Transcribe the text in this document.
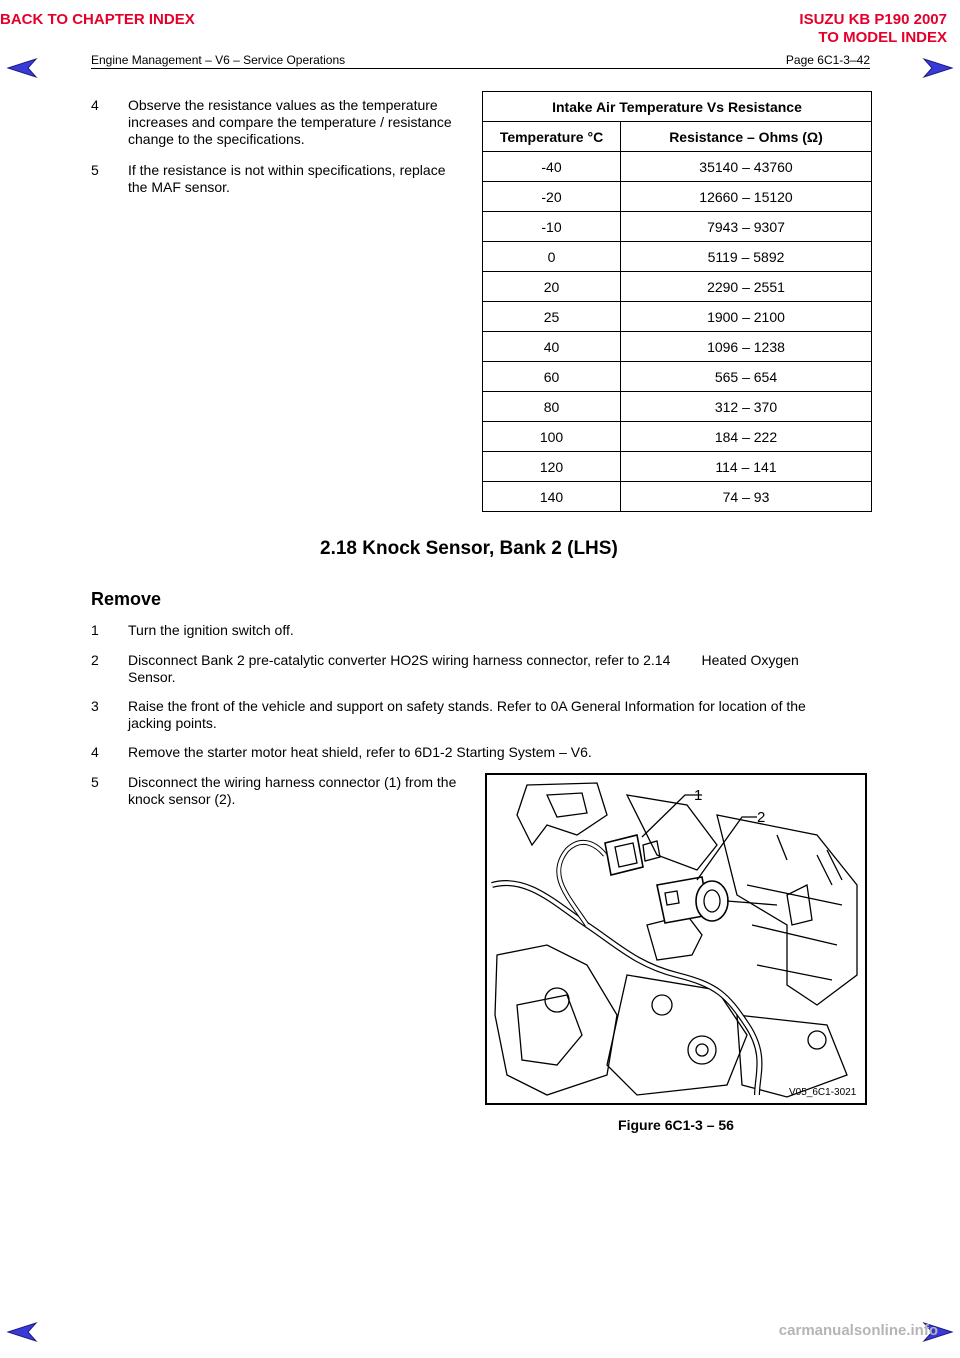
BACK TO CHAPTER INDEX	ISUZU KB P190 2007
TO MODEL INDEX
Engine Management – V6 – Service Operations	Page 6C1-3–42
4	Observe the resistance values as the temperature increases and compare the temperature / resistance change to the specifications.
5	If the resistance is not within specifications, replace the MAF sensor.
Intake Air Temperature Vs Resistance	
Temperature °C	Resistance – Ohms (Ω)
-40	35140 – 43760
-20	12660 – 15120
-10	7943 – 9307
0	5119 – 5892
20	2290 – 2551
25	1900 – 2100
40	1096 – 1238
60	565 – 654
80	312 – 370
100	184 – 222
120	114 – 141
140	74 – 93
2.18 Knock Sensor, Bank 2 (LHS)
Remove
1	Turn the ignition switch off.
2	Disconnect Bank 2 pre-catalytic converter HO2S wiring harness connector, refer to 2.14        Heated Oxygen Sensor.
3	Raise the front of the vehicle and support on safety stands. Refer to 0A General Information for location of the jacking points.
4	Remove the starter motor heat shield, refer to 6D1-2 Starting System – V6.
5	Disconnect the wiring harness connector (1) from the knock sensor (2).	1
2
V05_6C1-3021
Figure 6C1-3 – 56
carmanualsonline.info
